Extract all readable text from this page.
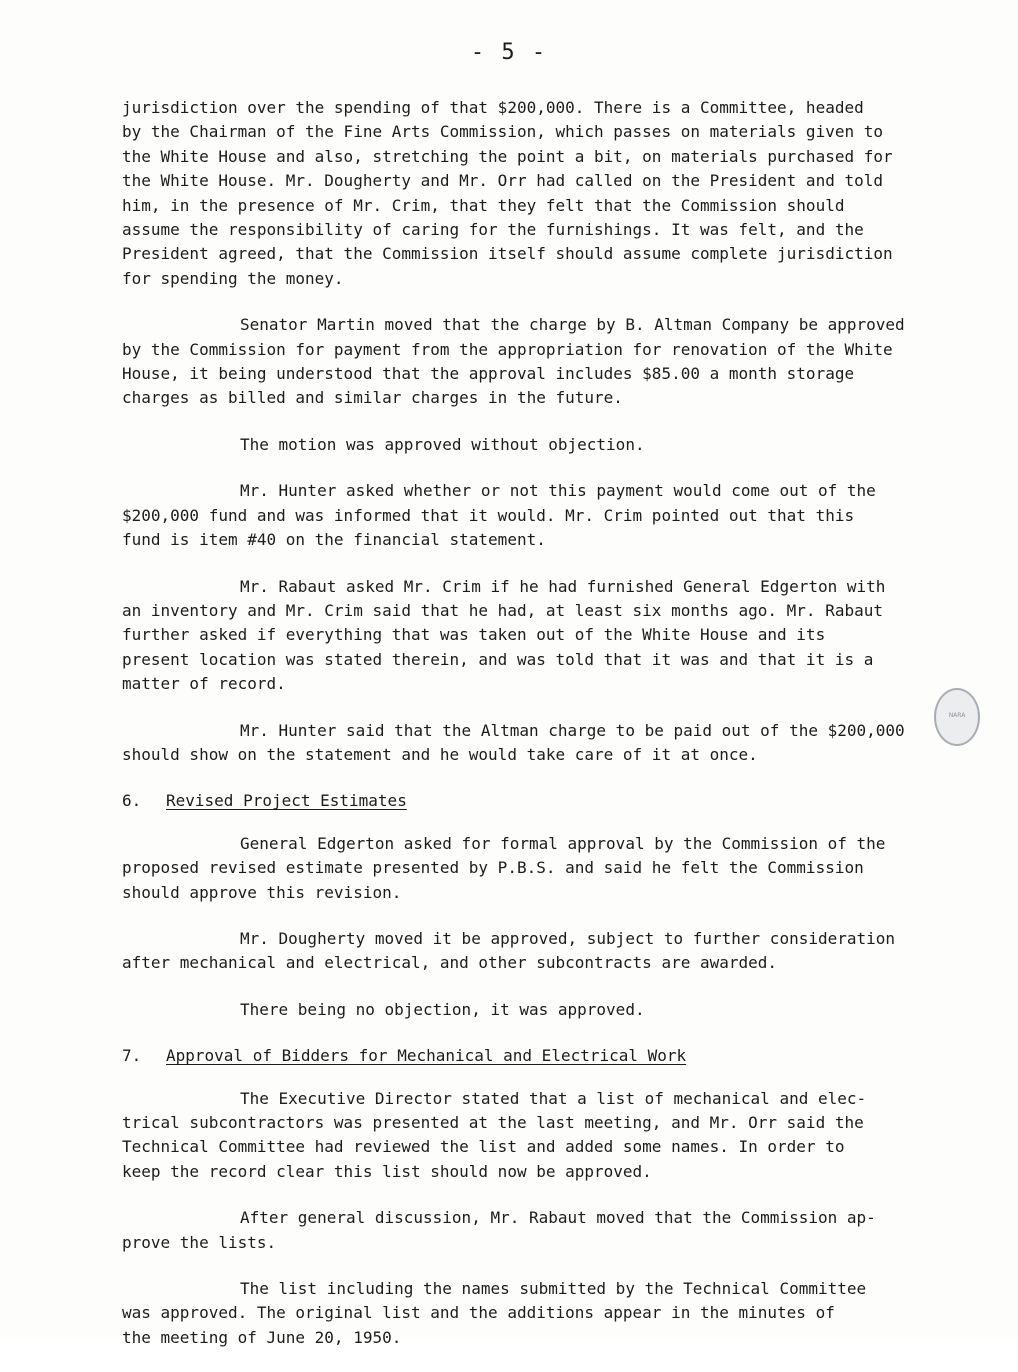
- 5 -

jurisdiction over the spending of that $200,000. There is a Committee, headed
by the Chairman of the Fine Arts Commission, which passes on materials given to
the White House and also, stretching the point a bit, on materials purchased for
the White House. Mr. Dougherty and Mr. Orr had called on the President and told
him, in the presence of Mr. Crim, that they felt that the Commission should
assume the responsibility of caring for the furnishings. It was felt, and the
President agreed, that the Commission itself should assume complete jurisdiction
for spending the money.

Senator Martin moved that the charge by B. Altman Company be approved
by the Commission for payment from the appropriation for renovation of the White
House, it being understood that the approval includes $85.00 a month storage
charges as billed and similar charges in the future.

The motion was approved without objection.

Mr. Hunter asked whether or not this payment would come out of the
$200,000 fund and was informed that it would. Mr. Crim pointed out that this
fund is item #40 on the financial statement.

Mr. Rabaut asked Mr. Crim if he had furnished General Edgerton with
an inventory and Mr. Crim said that he had, at least six months ago. Mr. Rabaut
further asked if everything that was taken out of the White House and its
present location was stated therein, and was told that it was and that it is a
matter of record.

Mr. Hunter said that the Altman charge to be paid out of the $200,000
should show on the statement and he would take care of it at once.

6. Revised Project Estimates

General Edgerton asked for formal approval by the Commission of the
proposed revised estimate presented by P.B.S. and said he felt the Commission
should approve this revision.

Mr. Dougherty moved it be approved, subject to further consideration
after mechanical and electrical, and other subcontracts are awarded.

There being no objection, it was approved.

7. Approval of Bidders for Mechanical and Electrical Work

The Executive Director stated that a list of mechanical and elec-
trical subcontractors was presented at the last meeting, and Mr. Orr said the
Technical Committee had reviewed the list and added some names. In order to
keep the record clear this list should now be approved.

After general discussion, Mr. Rabaut moved that the Commission ap-
prove the lists.

The list including the names submitted by the Technical Committee
was approved. The original list and the additions appear in the minutes of
the meeting of June 20, 1950.

NARA
